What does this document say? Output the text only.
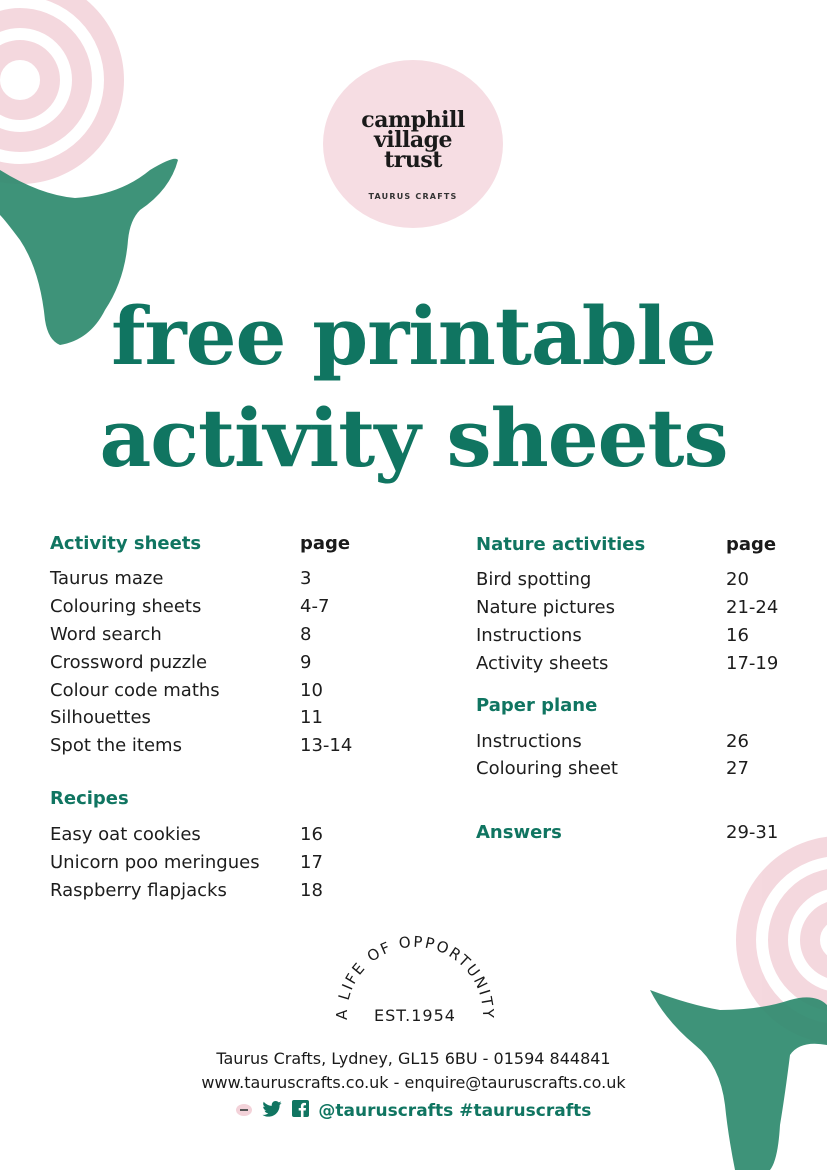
camphill
village
trust
TAURUS CRAFTS
free printable
activity sheets
Activity sheets	page
Taurus maze	3
Colouring sheets	4-7
Word search	8
Crossword puzzle	9
Colour code maths	10
Silhouettes	11
Spot the items	13-14
Recipes
Easy oat cookies	16
Unicorn poo meringues	17
Raspberry flapjacks	18
Nature activities	page
Bird spotting	20
Nature pictures	21-24
Instructions	16
Activity sheets	17-19
Paper plane
Instructions	26
Colouring sheet	27
Answers	29-31
A LIFE OF OPPORTUNITY
EST.1954
Taurus Crafts, Lydney, GL15 6BU - 01594 844841
www.tauruscrafts.co.uk - enquire@tauruscrafts.co.uk
@tauruscrafts #tauruscrafts
